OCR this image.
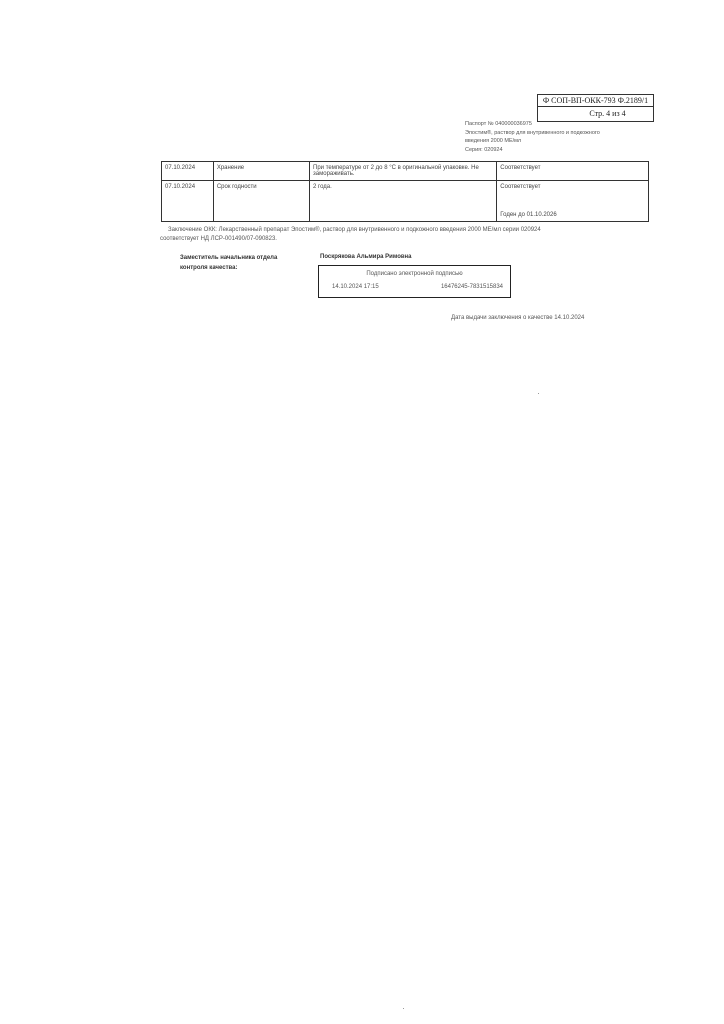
Ф СОП-ВП-ОКК-793 Ф.2189/1
Стр. 4 из 4
Паспорт № 040000036975
Эпостим®, раствор для внутривенного и подкожного
введения 2000 МЕ/мл
Серия: 020924
07.10.2024	Хранение	При температуре от 2 до 8 °С в оригинальной упаковке. Не замораживать.	Соответствует
07.10.2024	Срок годности	2 года.	Соответствует
Годен до 01.10.2026
Заключение ОКК: Лекарственный препарат Эпостим®, раствор для внутривенного и подкожного введения 2000 МЕ/мл серии 020924 соответствует НД ЛСР-001490/07-090823.
Заместитель начальника отдела контроля качества:
Поскрякова Альмира Римовна
Подписано электронной подписью
14.10.2024 17:15	16476245-7831515834
Дата выдачи заключения о качестве 14.10.2024
